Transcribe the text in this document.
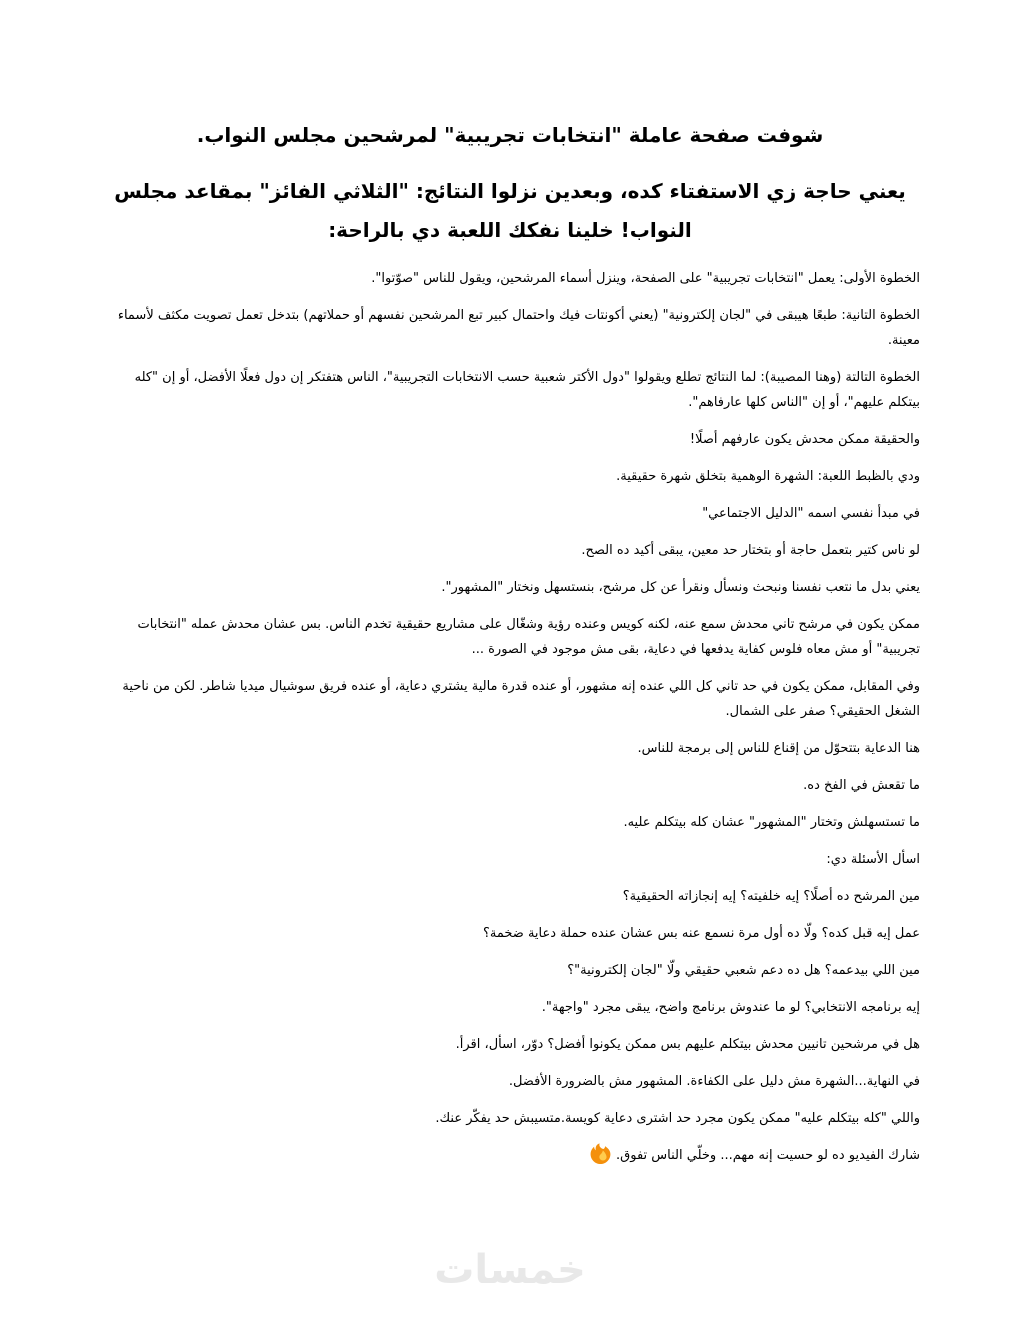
شوفت صفحة عاملة "انتخابات تجريبية" لمرشحين مجلس النواب.
يعني حاجة زي الاستفتاء كده، وبعدين نزلوا النتائج: "الثلاثي الفائز" بمقاعد مجلس النواب! خلينا نفكك اللعبة دي بالراحة:

الخطوة الأولى: يعمل "انتخابات تجريبية" على الصفحة، وينزل أسماء المرشحين، ويقول للناس "صوّتوا".

الخطوة التانية: طبعًا هيبقى في "لجان إلكترونية" (يعني أكونتات فيك واحتمال كبير تبع المرشحين نفسهم أو حملاتهم) بتدخل تعمل تصويت مكثف لأسماء معينة.

الخطوة التالتة (وهنا المصيبة): لما النتائج تطلع ويقولوا "دول الأكتر شعبية حسب الانتخابات التجريبية"، الناس هتفتكر إن دول فعلًا الأفضل، أو إن "كله بيتكلم عليهم"، أو إن "الناس كلها عارفاهم".

والحقيقة ممكن محدش يكون عارفهم أصلًا!

ودي بالظبط اللعبة: الشهرة الوهمية بتخلق شهرة حقيقية.

في مبدأ نفسي اسمه "الدليل الاجتماعي"

لو ناس كتير بتعمل حاجة أو بتختار حد معين، يبقى أكيد ده الصح.

يعني بدل ما نتعب نفسنا ونبحث ونسأل ونقرأ عن كل مرشح، بنستسهل ونختار "المشهور".

ممكن يكون في مرشح تاني محدش سمع عنه، لكنه كويس وعنده رؤية وشغّال على مشاريع حقيقية تخدم الناس. بس عشان محدش عمله "انتخابات تجريبية" أو مش معاه فلوس كفاية يدفعها في دعاية، بقى مش موجود في الصورة ...

وفي المقابل، ممكن يكون في حد تاني كل اللي عنده إنه مشهور، أو عنده قدرة مالية يشتري دعاية، أو عنده فريق سوشيال ميديا شاطر. لكن من ناحية الشغل الحقيقي؟ صفر على الشمال.

هنا الدعاية بتتحوّل من إقناع للناس إلى برمجة للناس.

ما تقعش في الفخ ده.

ما تستسهلش وتختار "المشهور" عشان كله بيتكلم عليه.

اسأل الأسئلة دي:

مين المرشح ده أصلًا؟ إيه خلفيته؟ إيه إنجازاته الحقيقية؟

عمل إيه قبل كده؟ ولّا ده أول مرة نسمع عنه بس عشان عنده حملة دعاية ضخمة؟

مين اللي بيدعمه؟ هل ده دعم شعبي حقيقي ولّا "لجان إلكترونية"؟

إيه برنامجه الانتخابي؟ لو ما عندوش برنامج واضح، يبقى مجرد "واجهة".

هل في مرشحين تانيين محدش بيتكلم عليهم بس ممكن يكونوا أفضل؟ دوّر، اسأل، اقرأ.

في النهاية...الشهرة مش دليل على الكفاءة. المشهور مش بالضرورة الأفضل.

واللي "كله بيتكلم عليه" ممكن يكون مجرد حد اشترى دعاية كويسة.متسيبش حد يفكّر عنك.

شارك الفيديو ده لو حسيت إنه مهم... وخلّي الناس تفوق.

خمسات
